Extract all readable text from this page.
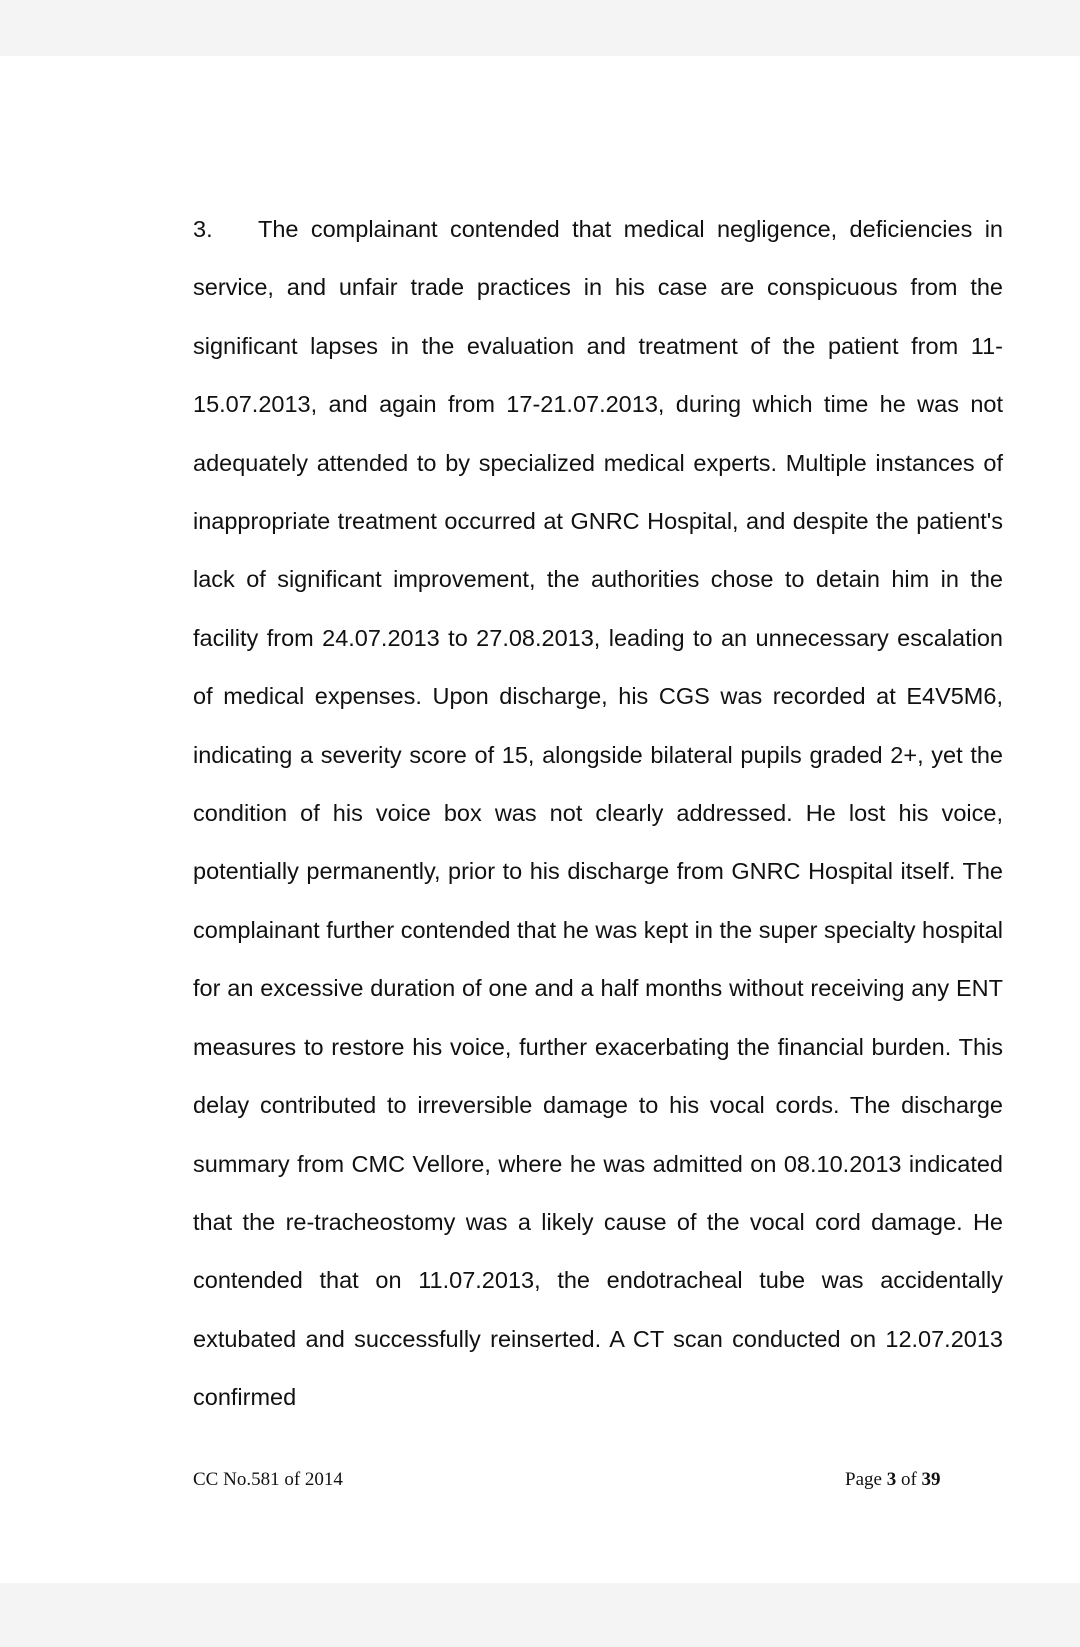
3. The complainant contended that medical negligence, deficiencies in service, and unfair trade practices in his case are conspicuous from the significant lapses in the evaluation and treatment of the patient from 11-15.07.2013, and again from 17-21.07.2013, during which time he was not adequately attended to by specialized medical experts. Multiple instances of inappropriate treatment occurred at GNRC Hospital, and despite the patient's lack of significant improvement, the authorities chose to detain him in the facility from 24.07.2013 to 27.08.2013, leading to an unnecessary escalation of medical expenses. Upon discharge, his CGS was recorded at E4V5M6, indicating a severity score of 15, alongside bilateral pupils graded 2+, yet the condition of his voice box was not clearly addressed. He lost his voice, potentially permanently, prior to his discharge from GNRC Hospital itself. The complainant further contended that he was kept in the super specialty hospital for an excessive duration of one and a half months without receiving any ENT measures to restore his voice, further exacerbating the financial burden. This delay contributed to irreversible damage to his vocal cords. The discharge summary from CMC Vellore, where he was admitted on 08.10.2013 indicated that the re-tracheostomy was a likely cause of the vocal cord damage. He contended that on 11.07.2013, the endotracheal tube was accidentally extubated and successfully reinserted. A CT scan conducted on 12.07.2013 confirmed

CC No.581 of 2014	Page 3 of 39
